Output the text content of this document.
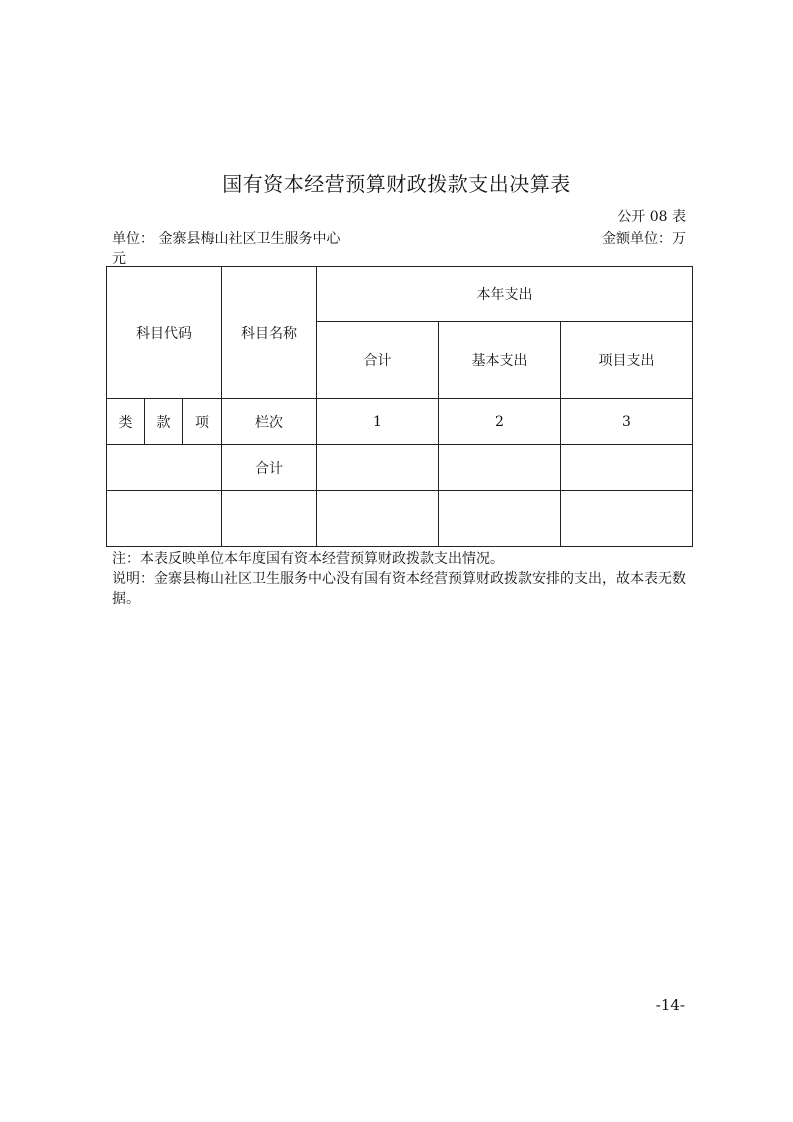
国有资本经营预算财政拨款支出决算表
公开 08 表
单位： 金寨县梅山社区卫生服务中心	金额单位：万
元
科目代码			科目名称	本年支出		
				合计	基本支出	项目支出
类	款	项	栏次	1	2	3
			合计			

注：本表反映单位本年度国有资本经营预算财政拨款支出情况。
说明：金寨县梅山社区卫生服务中心没有国有资本经营预算财政拨款安排的支出，故本表无数据。
-14-
